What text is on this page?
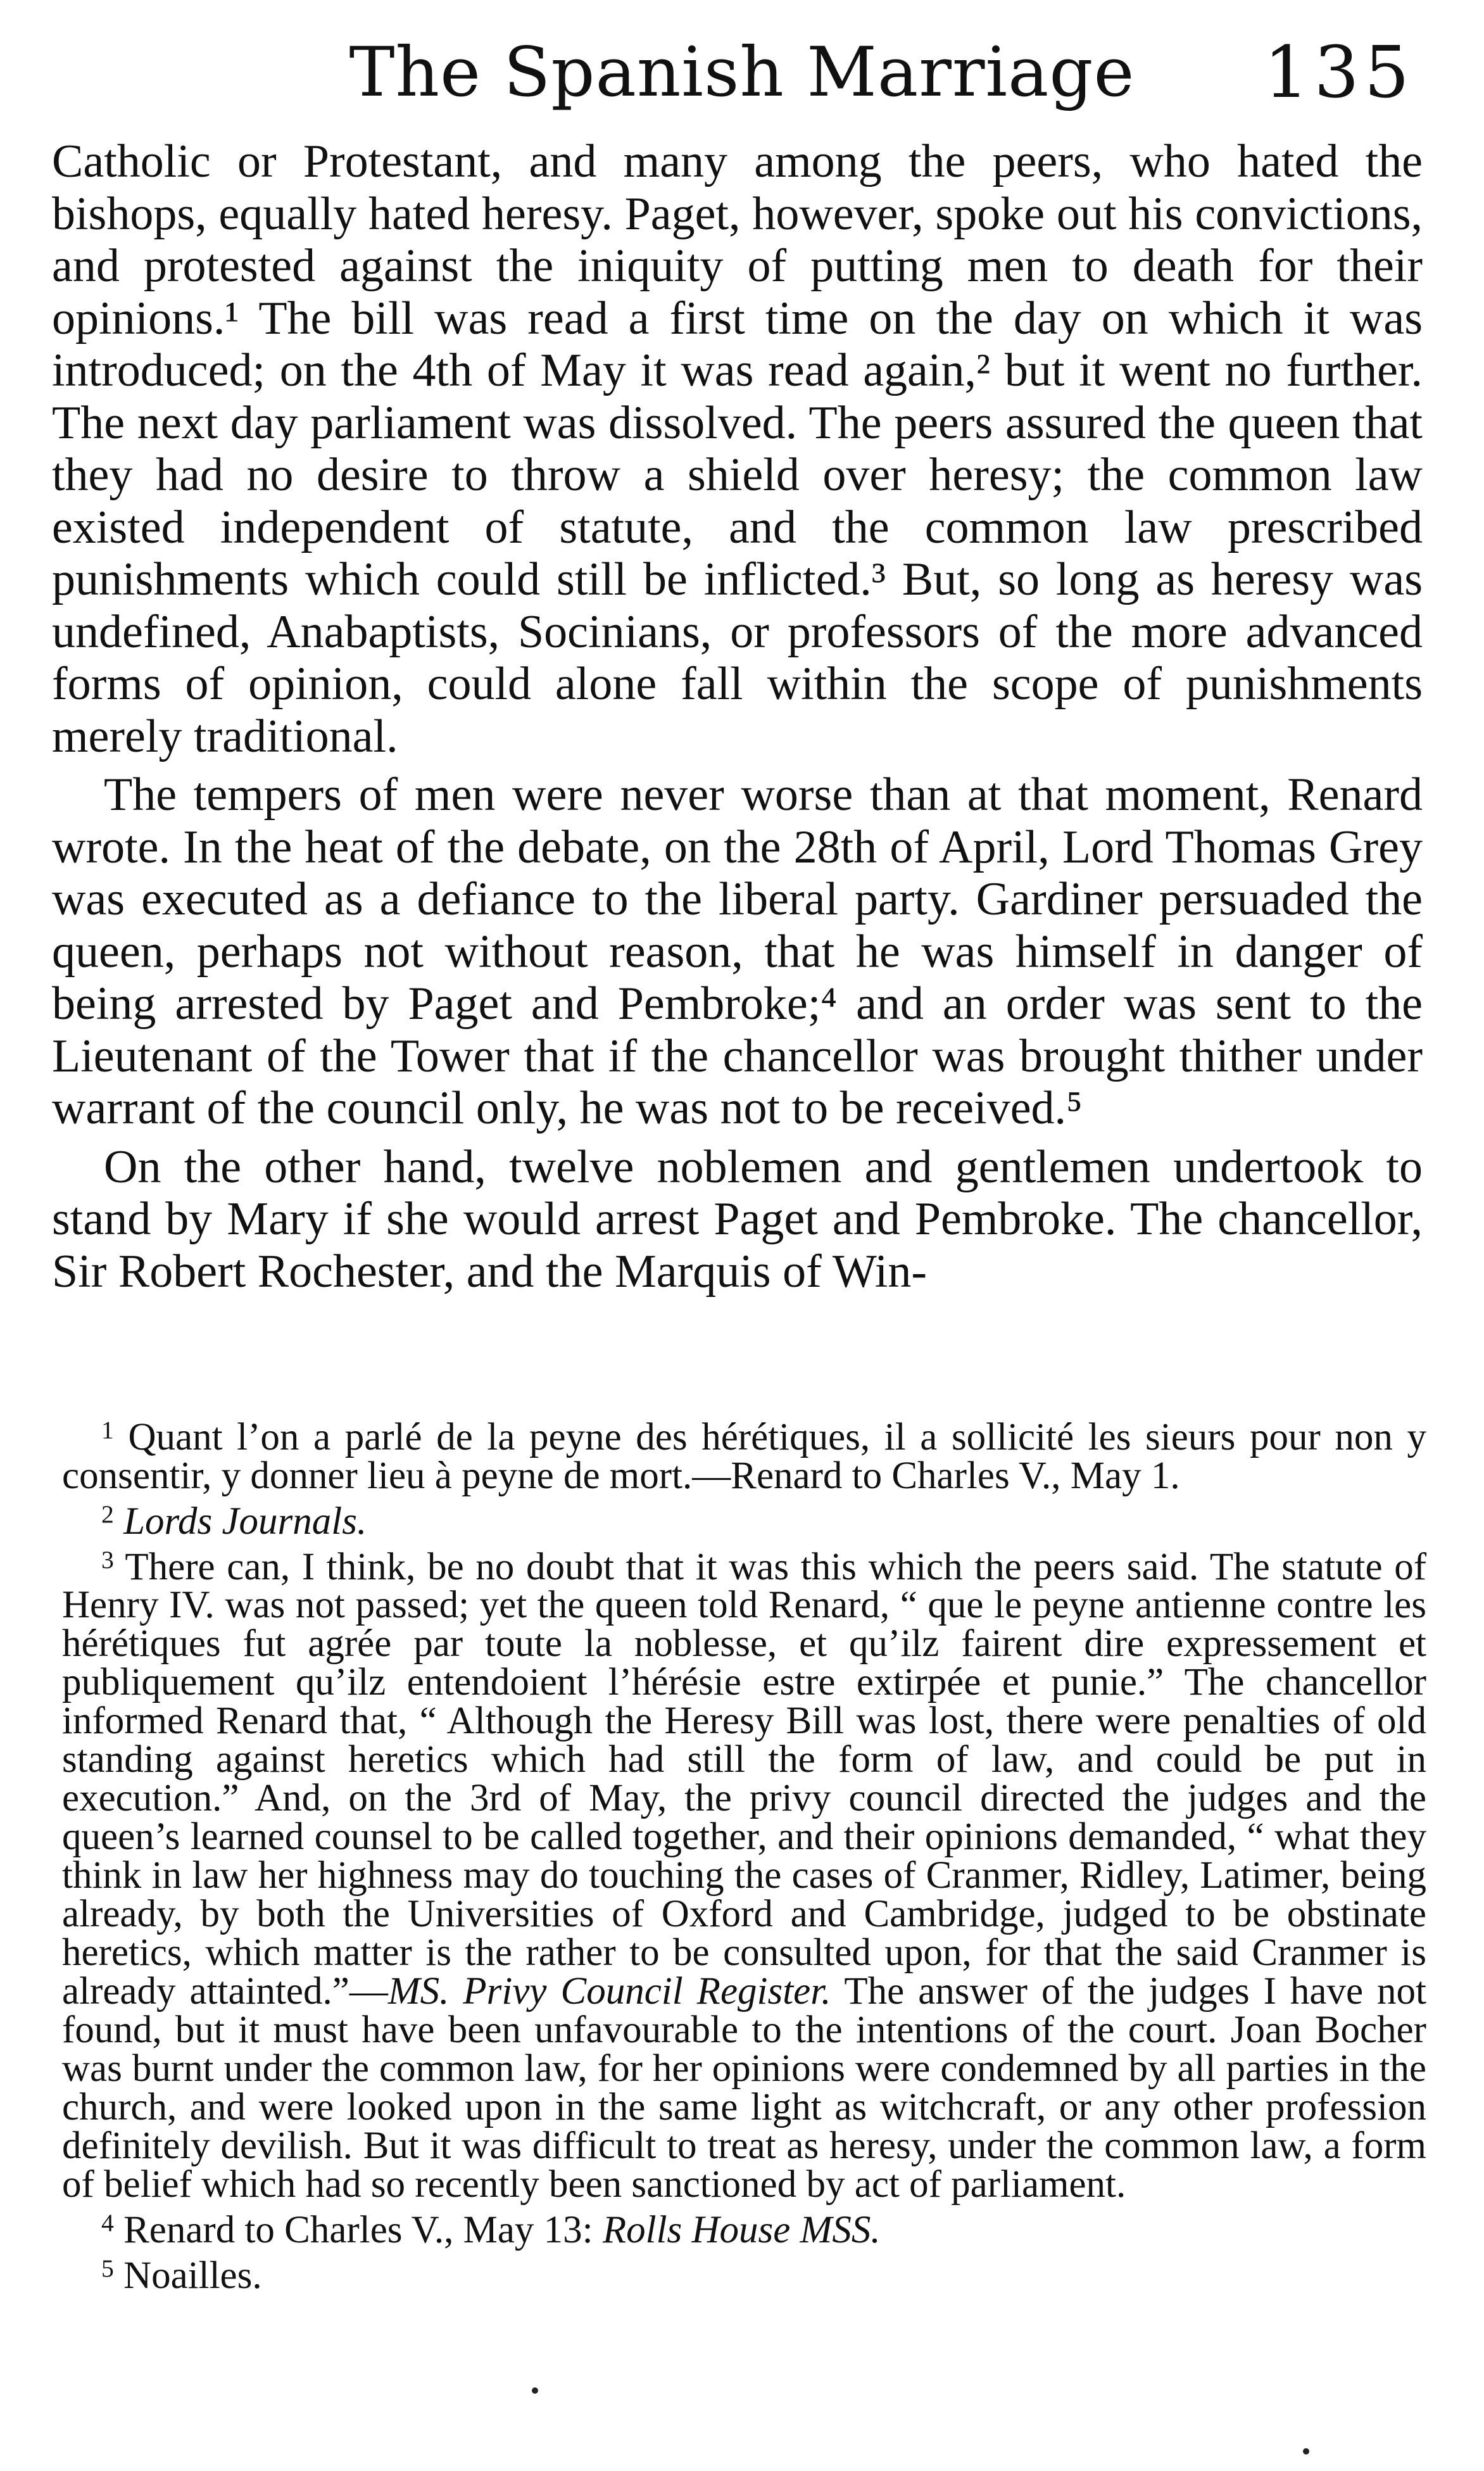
The Spanish Marriage	135

Catholic or Protestant, and many among the peers, who hated the bishops, equally hated heresy. Paget, however, spoke out his convictions, and protested against the iniquity of putting men to death for their opinions.¹ The bill was read a first time on the day on which it was introduced; on the 4th of May it was read again,² but it went no further. The next day parliament was dissolved. The peers assured the queen that they had no desire to throw a shield over heresy; the common law existed independent of statute, and the common law prescribed punishments which could still be inflicted.³ But, so long as heresy was undefined, Anabaptists, Socinians, or professors of the more advanced forms of opinion, could alone fall within the scope of punishments merely traditional.

The tempers of men were never worse than at that moment, Renard wrote. In the heat of the debate, on the 28th of April, Lord Thomas Grey was executed as a defiance to the liberal party. Gardiner persuaded the queen, perhaps not without reason, that he was himself in danger of being arrested by Paget and Pembroke;⁴ and an order was sent to the Lieutenant of the Tower that if the chancellor was brought thither under warrant of the council only, he was not to be received.⁵

On the other hand, twelve noblemen and gentlemen undertook to stand by Mary if she would arrest Paget and Pembroke. The chancellor, Sir Robert Rochester, and the Marquis of Win-

$^1$ Quant l’on a parlé de la peyne des hérétiques, il a sollicité les sieurs pour non y consentir, y donner lieu à peyne de mort.—Renard to Charles V., May 1.

$^2$ Lords Journals.

$^3$ There can, I think, be no doubt that it was this which the peers said. The statute of Henry IV. was not passed; yet the queen told Renard, “ que le peyne antienne contre les hérétiques fut agrée par toute la noblesse, et qu’ilz fairent dire expressement et publiquement qu’ilz entendoient l’hérésie estre extirpée et punie.” The chancellor informed Renard that, “ Although the Heresy Bill was lost, there were penalties of old standing against heretics which had still the form of law, and could be put in execution.” And, on the 3rd of May, the privy council directed the judges and the queen’s learned counsel to be called together, and their opinions demanded, “ what they think in law her highness may do touching the cases of Cranmer, Ridley, Latimer, being already, by both the Universities of Oxford and Cambridge, judged to be obstinate heretics, which matter is the rather to be consulted upon, for that the said Cranmer is already attainted.”—MS. Privy Council Register. The answer of the judges I have not found, but it must have been unfavourable to the intentions of the court. Joan Bocher was burnt under the common law, for her opinions were condemned by all parties in the church, and were looked upon in the same light as witchcraft, or any other profession definitely devilish. But it was difficult to treat as heresy, under the common law, a form of belief which had so recently been sanctioned by act of parliament.

$^4$ Renard to Charles V., May 13: Rolls House MSS.

$^5$ Noailles.
